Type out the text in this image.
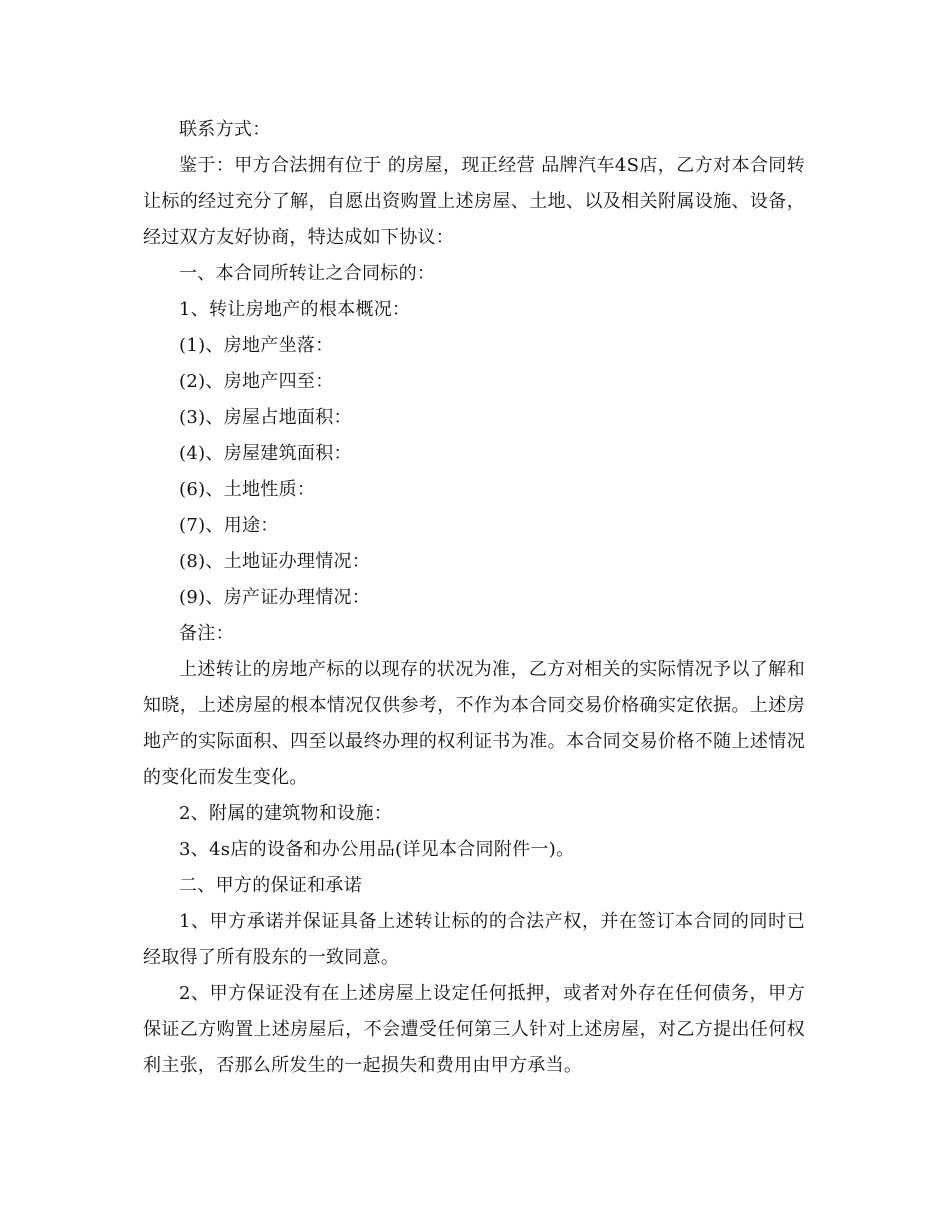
联系方式：

鉴于：甲方合法拥有位于 的房屋，现正经营 品牌汽车4S店，乙方对本合同转让标的经过充分了解，自愿出资购置上述房屋、土地、以及相关附属设施、设备，经过双方友好协商，特达成如下协议：

一、本合同所转让之合同标的：

1、转让房地产的根本概况：

(1)、房地产坐落：

(2)、房地产四至：

(3)、房屋占地面积：

(4)、房屋建筑面积：

(6)、土地性质：

(7)、用途：

(8)、土地证办理情况：

(9)、房产证办理情况：

备注：

上述转让的房地产标的以现存的状况为准，乙方对相关的实际情况予以了解和知晓，上述房屋的根本情况仅供参考，不作为本合同交易价格确实定依据。上述房地产的实际面积、四至以最终办理的权利证书为准。本合同交易价格不随上述情况的变化而发生变化。

2、附属的建筑物和设施：

3、4s店的设备和办公用品(详见本合同附件一)。

二、甲方的保证和承诺

1、甲方承诺并保证具备上述转让标的的合法产权，并在签订本合同的同时已经取得了所有股东的一致同意。

2、甲方保证没有在上述房屋上设定任何抵押，或者对外存在任何债务，甲方保证乙方购置上述房屋后，不会遭受任何第三人针对上述房屋，对乙方提出任何权利主张，否那么所发生的一起损失和费用由甲方承当。
